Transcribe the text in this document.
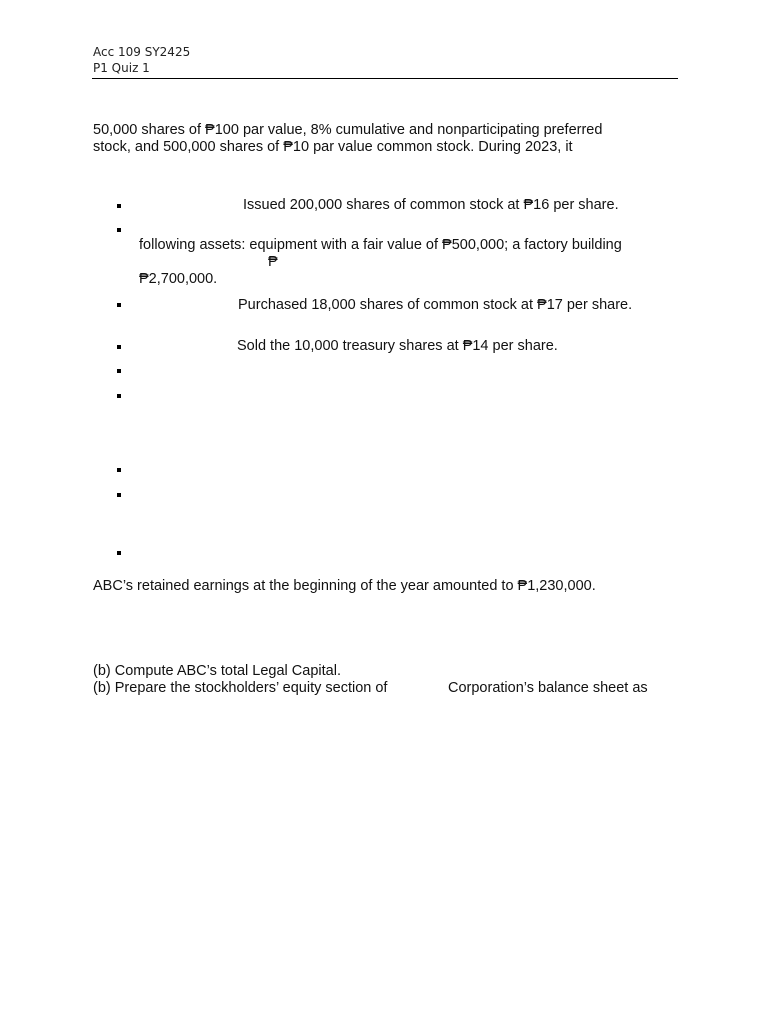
Acc 109 SY2425
P1 Quiz 1
50,000 shares of ₱100 par value, 8% cumulative and nonparticipating preferred
stock, and 500,000 shares of ₱10 par value common stock. During 2023, it
Issued 200,000 shares of common stock at ₱16 per share.
following assets: equipment with a fair value of ₱500,000; a factory building
₱
₱2,700,000.
Purchased 18,000 shares of common stock at ₱17 per share.
Sold the 10,000 treasury shares at ₱14 per share.
ABC’s retained earnings at the beginning of the year amounted to ₱1,230,000.
(b) Compute ABC’s total Legal Capital.
(b) Prepare the stockholders’ equity section of	Corporation’s balance sheet as
